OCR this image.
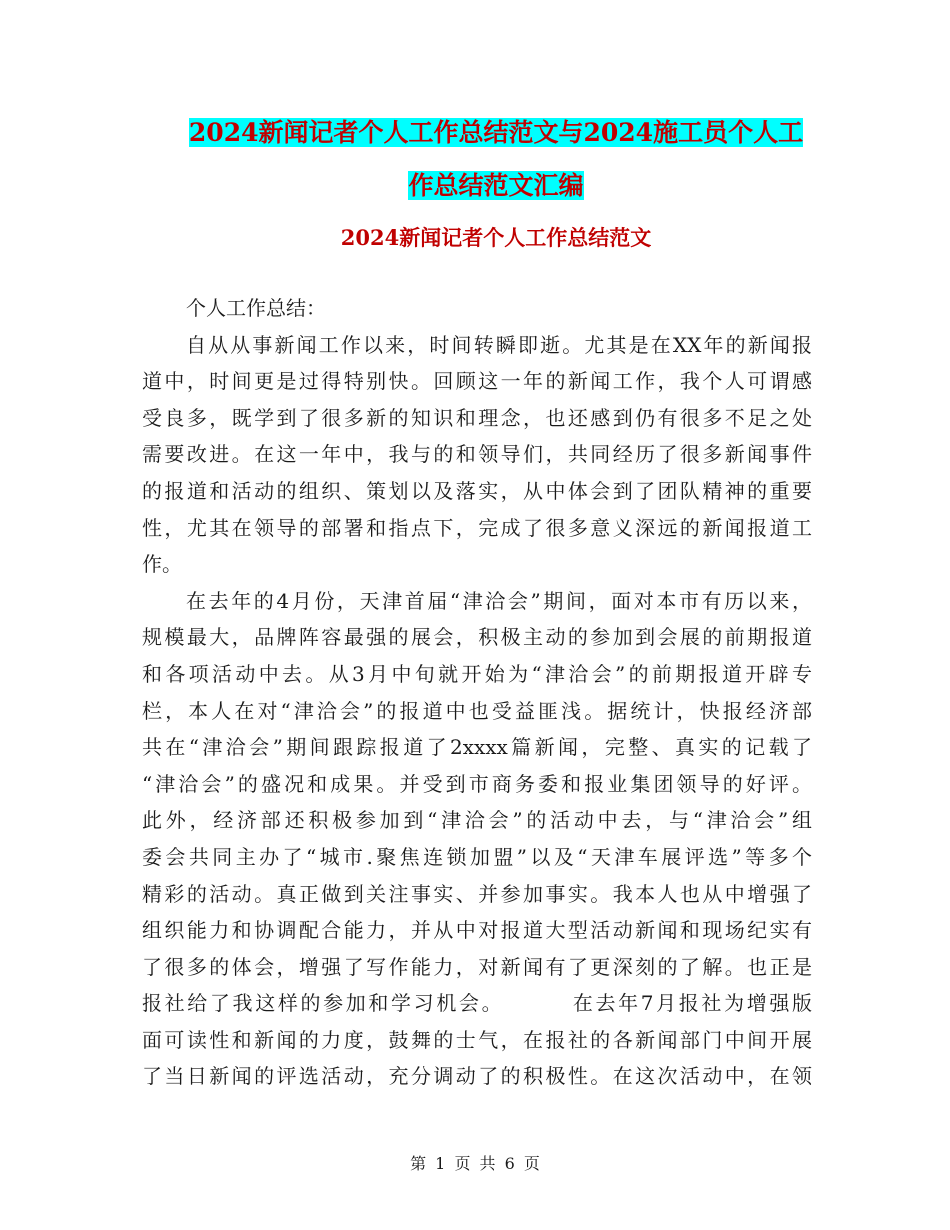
2024新闻记者个人工作总结范文与2024施工员个人工
作总结范文汇编
2024新闻记者个人工作总结范文
个人工作总结：
自从从事新闻工作以来，时间转瞬即逝。尤其是在XX年的新闻报
道中，时间更是过得特别快。回顾这一年的新闻工作，我个人可谓感
受良多，既学到了很多新的知识和理念，也还感到仍有很多不足之处
需要改进。在这一年中，我与的和领导们，共同经历了很多新闻事件
的报道和活动的组织、策划以及落实，从中体会到了团队精神的重要
性，尤其在领导的部署和指点下，完成了很多意义深远的新闻报道工
作。
在去年的4月份，天津首届“津洽会”期间，面对本市有历以来，
规模最大，品牌阵容最强的展会，积极主动的参加到会展的前期报道
和各项活动中去。从3月中旬就开始为“津洽会”的前期报道开辟专
栏，本人在对“津洽会”的报道中也受益匪浅。据统计，快报经济部
共在“津洽会”期间跟踪报道了2xxxx篇新闻，完整、真实的记载了
“津洽会”的盛况和成果。并受到市商务委和报业集团领导的好评。
此外，经济部还积极参加到“津洽会”的活动中去，与“津洽会”组
委会共同主办了“城市.聚焦连锁加盟”以及“天津车展评选”等多个
精彩的活动。真正做到关注事实、并参加事实。我本人也从中增强了
组织能力和协调配合能力，并从中对报道大型活动新闻和现场纪实有
了很多的体会，增强了写作能力，对新闻有了更深刻的了解。也正是
报社给了我这样的参加和学习机会。	在去年7月报社为增强版
面可读性和新闻的力度，鼓舞的士气，在报社的各新闻部门中间开展
了当日新闻的评选活动，充分调动了的积极性。在这次活动中，在领
第 1 页 共 6 页
